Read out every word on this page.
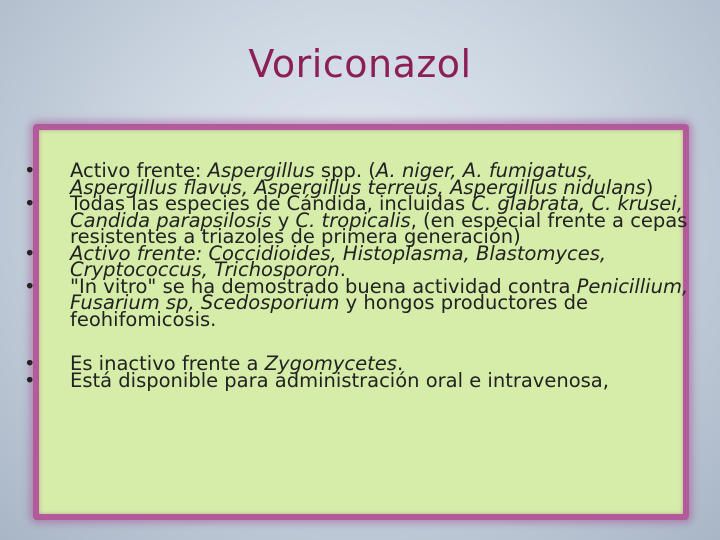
Voriconazol
• Activo frente: Aspergillus spp. (A. niger, A. fumigatus, Aspergillus flavus, Aspergillus terreus, Aspergillus nidulans)
• Todas las especies de Cándida, incluidas C. glabrata, C. krusei, Candida parapsilosis y C. tropicalis, (en especial frente a cepas resistentes a triazoles de primera generación)
• Activo frente: Coccidioides, Histoplasma, Blastomyces, Cryptococcus, Trichosporon.
• "In vitro" se ha demostrado buena actividad contra Penicillium, Fusarium sp, Scedosporium y hongos productores de feohifomicosis.
• Es inactivo frente a Zygomycetes.
• Está disponible para administración oral e intravenosa,
